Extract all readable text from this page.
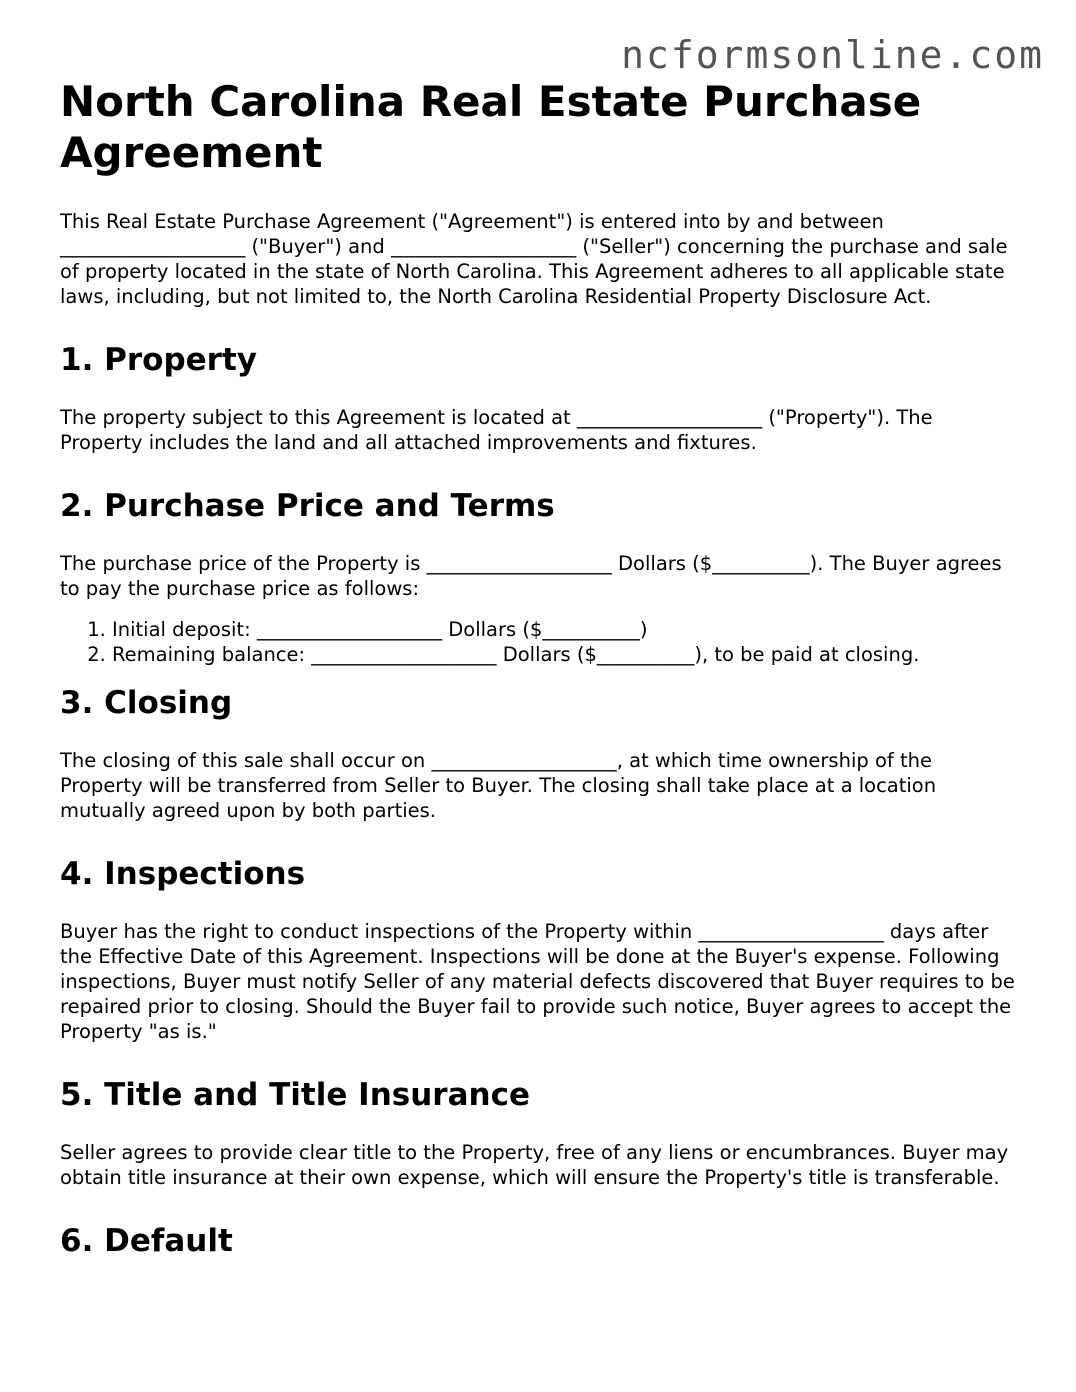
ncformsonline.com
North Carolina Real Estate Purchase Agreement

This Real Estate Purchase Agreement ("Agreement") is entered into by and between ___________________ ("Buyer") and ___________________ ("Seller") concerning the purchase and sale of property located in the state of North Carolina. This Agreement adheres to all applicable state laws, including, but not limited to, the North Carolina Residential Property Disclosure Act.

1. Property

The property subject to this Agreement is located at ___________________ ("Property"). The Property includes the land and all attached improvements and fixtures.

2. Purchase Price and Terms

The purchase price of the Property is ___________________ Dollars ($__________). The Buyer agrees to pay the purchase price as follows:

1. Initial deposit: ___________________ Dollars ($__________)
2. Remaining balance: ___________________ Dollars ($__________), to be paid at closing.
3. Closing

The closing of this sale shall occur on ___________________, at which time ownership of the Property will be transferred from Seller to Buyer. The closing shall take place at a location mutually agreed upon by both parties.

4. Inspections

Buyer has the right to conduct inspections of the Property within ___________________ days after the Effective Date of this Agreement. Inspections will be done at the Buyer's expense. Following inspections, Buyer must notify Seller of any material defects discovered that Buyer requires to be repaired prior to closing. Should the Buyer fail to provide such notice, Buyer agrees to accept the Property "as is."

5. Title and Title Insurance

Seller agrees to provide clear title to the Property, free of any liens or encumbrances. Buyer may obtain title insurance at their own expense, which will ensure the Property's title is transferable.

6. Default
